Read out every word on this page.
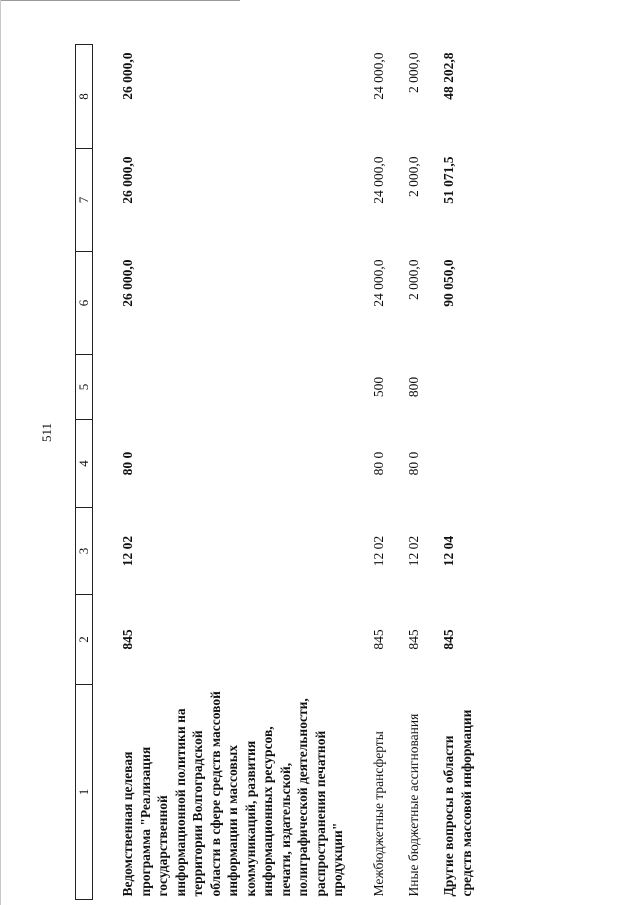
511
1	2	3	4	5	6	7	8
Ведомственная целевая программа "Реализация государственной информационной политики на территории Волгоградской области в сфере средств массовой информации и массовых коммуникаций, развития информационных ресурсов, печати, издательской, полиграфической деятельности, распространения печатной продукции"	845	12 02	80 0		26 000,0	26 000,0	26 000,0
Межбюджетные трансферты	845	12 02	80 0	500	24 000,0	24 000,0	24 000,0
Иные бюджетные ассигнования	845	12 02	80 0	800	2 000,0	2 000,0	2 000,0
Другие вопросы в области средств массовой информации	845	12 04			90 050,0	51 071,5	48 202,8
